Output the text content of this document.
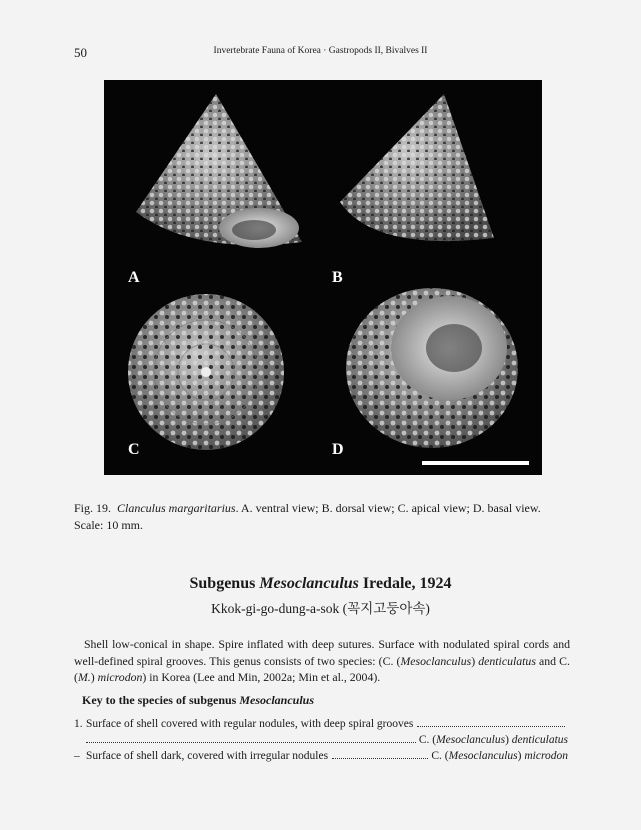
50	Invertebrate Fauna of Korea · Gastropods II, Bivalves II
A	B
C	D
Fig. 19. Clanculus margaritarius. A. ventral view; B. dorsal view; C. apical view; D. basal view. Scale: 10 mm.
Subgenus Mesoclanculus Iredale, 1924
Kkok-gi-go-dung-a-sok (꼭지고둥아속)
Shell low-conical in shape. Spire inflated with deep sutures. Surface with nodulated spiral cords and well-defined spiral grooves. This genus consists of two species: (C. (Mesoclanculus) denticulatus and C. (M.) microdon) in Korea (Lee and Min, 2002a; Min et al., 2004).
Key to the species of subgenus Mesoclanculus
1. Surface of shell covered with regular nodules, with deep spiral grooves
C. (Mesoclanculus) denticulatus
– Surface of shell dark, covered with irregular nodules	C. (Mesoclanculus) microdon
